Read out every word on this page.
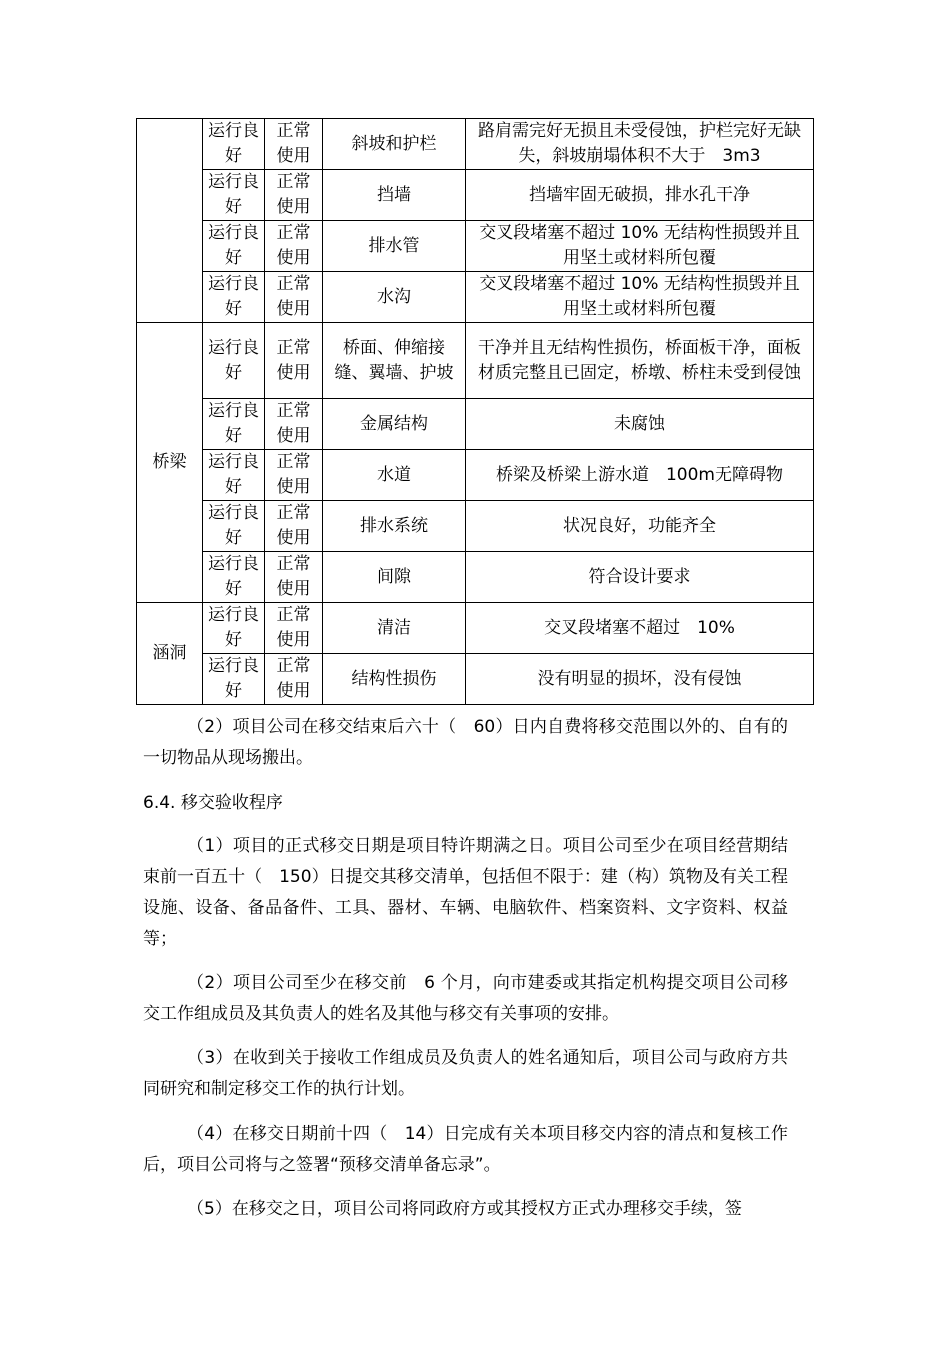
	运行良好	正常使用	斜坡和护栏	路肩需完好无损且未受侵蚀，护栏完好无缺失，斜坡崩塌体积不大于　3m3
	运行良好	正常使用	挡墙	挡墙牢固无破损，排水孔干净
	运行良好	正常使用	排水管	交叉段堵塞不超过 10% 无结构性损毁并且用坚土或材料所包覆
	运行良好	正常使用	水沟	交叉段堵塞不超过 10% 无结构性损毁并且用坚土或材料所包覆
桥梁	运行良好	正常使用	桥面、伸缩接缝、翼墙、护坡	干净并且无结构性损伤，桥面板干净，面板材质完整且已固定，桥墩、桥柱未受到侵蚀
	运行良好	正常使用	金属结构	未腐蚀
	运行良好	正常使用	水道	桥梁及桥梁上游水道　100m无障碍物
	运行良好	正常使用	排水系统	状况良好，功能齐全
	运行良好	正常使用	间隙	符合设计要求
涵洞	运行良好	正常使用	清洁	交叉段堵塞不超过　10%
	运行良好	正常使用	结构性损伤	没有明显的损坏，没有侵蚀

（2）项目公司在移交结束后六十（　60）日内自费将移交范围以外的、自有的一切物品从现场搬出。

6.4. 移交验收程序

（1）项目的正式移交日期是项目特许期满之日。项目公司至少在项目经营期结束前一百五十（　150）日提交其移交清单，包括但不限于：建（构）筑物及有关工程设施、设备、备品备件、工具、器材、车辆、电脑软件、档案资料、文字资料、权益等；

（2）项目公司至少在移交前　6 个月，向市建委或其指定机构提交项目公司移交工作组成员及其负责人的姓名及其他与移交有关事项的安排。

（3）在收到关于接收工作组成员及负责人的姓名通知后，项目公司与政府方共同研究和制定移交工作的执行计划。

（4）在移交日期前十四（　14）日完成有关本项目移交内容的清点和复核工作后，项目公司将与之签署“预移交清单备忘录”。

（5）在移交之日，项目公司将同政府方或其授权方正式办理移交手续，签
